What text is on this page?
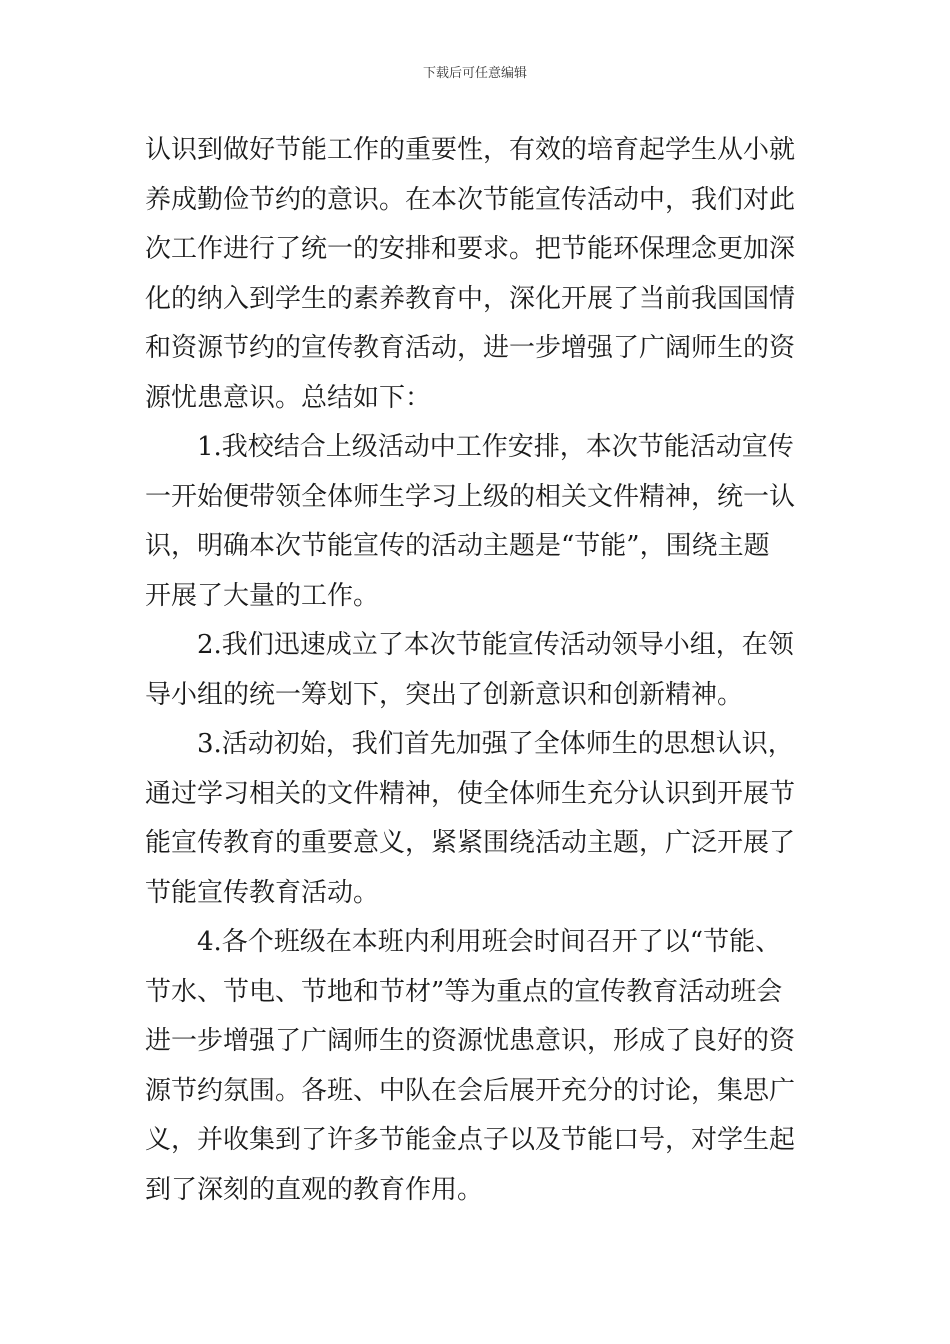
下载后可任意编辑
认识到做好节能工作的重要性，有效的培育起学生从小就
养成勤俭节约的意识。在本次节能宣传活动中，我们对此
次工作进行了统一的安排和要求。把节能环保理念更加深
化的纳入到学生的素养教育中，深化开展了当前我国国情
和资源节约的宣传教育活动，进一步增强了广阔师生的资
源忧患意识。总结如下：
1.我校结合上级活动中工作安排，本次节能活动宣传
一开始便带领全体师生学习上级的相关文件精神，统一认
识，明确本次节能宣传的活动主题是“节能”，围绕主题
开展了大量的工作。
2.我们迅速成立了本次节能宣传活动领导小组，在领
导小组的统一筹划下，突出了创新意识和创新精神。
3.活动初始，我们首先加强了全体师生的思想认识，
通过学习相关的文件精神，使全体师生充分认识到开展节
能宣传教育的重要意义，紧紧围绕活动主题，广泛开展了
节能宣传教育活动。
4.各个班级在本班内利用班会时间召开了以“节能、
节水、节电、节地和节材”等为重点的宣传教育活动班会
进一步增强了广阔师生的资源忧患意识，形成了良好的资
源节约氛围。各班、中队在会后展开充分的讨论，集思广
义，并收集到了许多节能金点子以及节能口号，对学生起
到了深刻的直观的教育作用。
